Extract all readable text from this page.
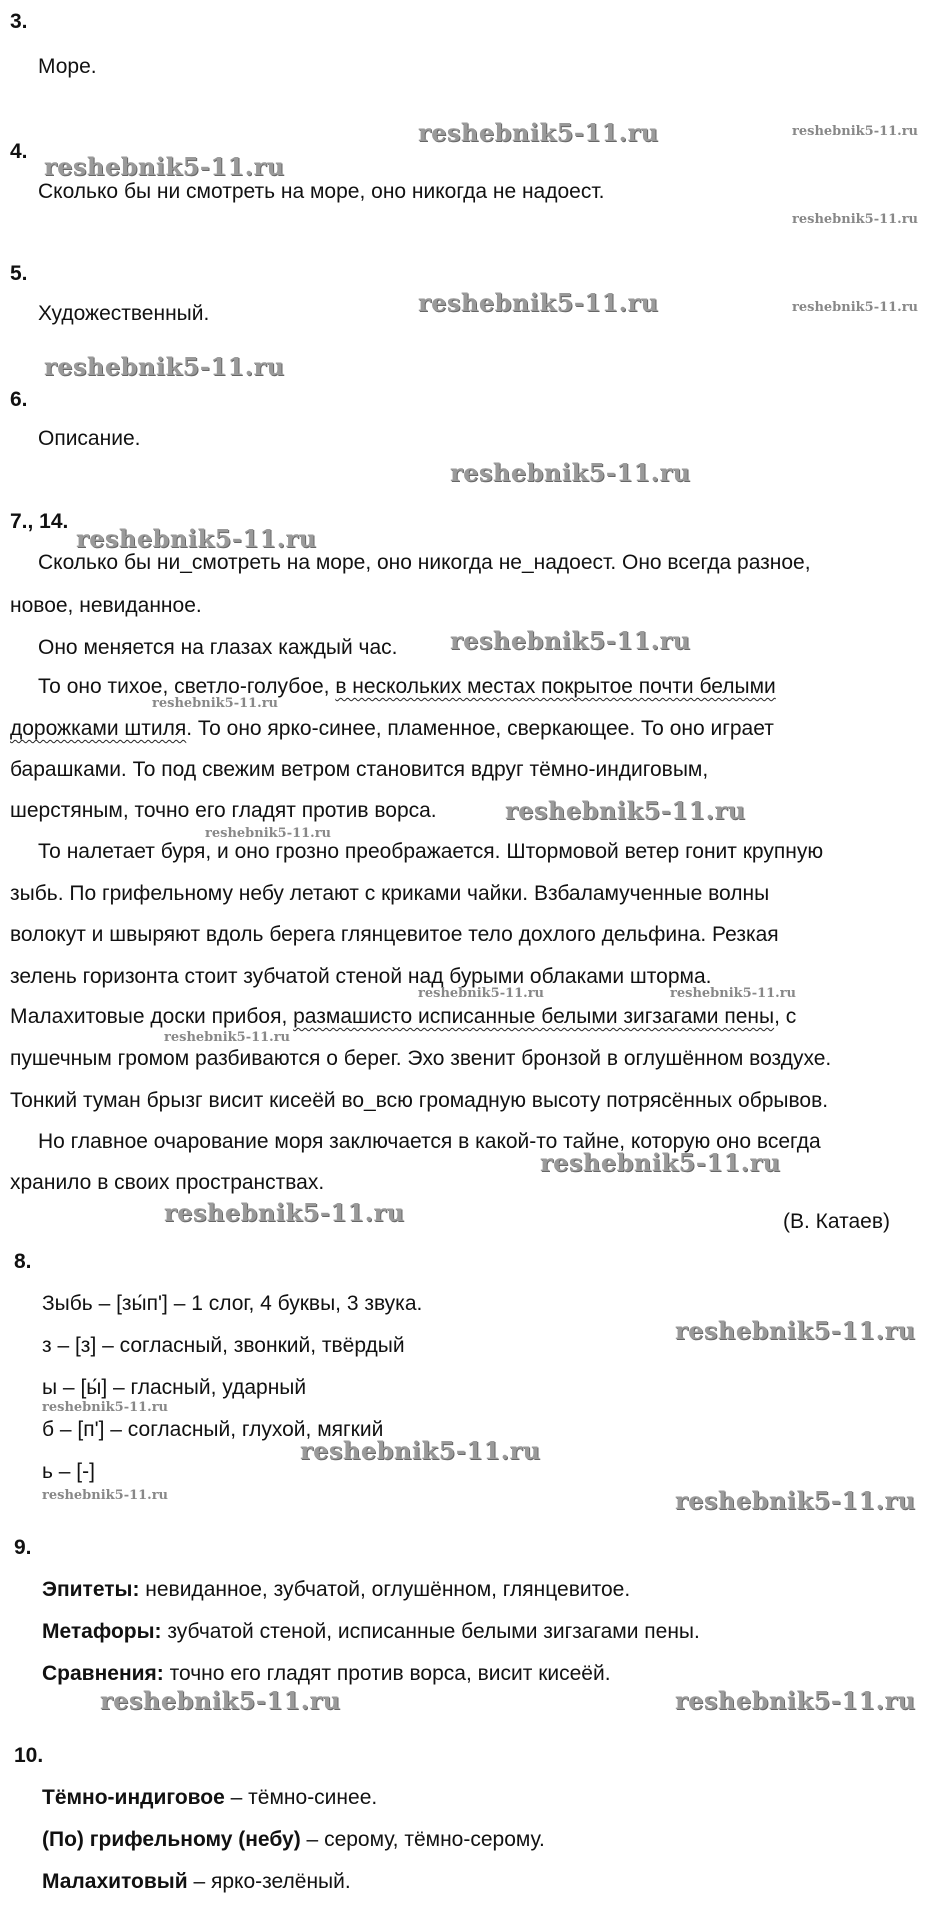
3.
Море.
4.
Сколько бы ни смотреть на море, оно никогда не надоест.
5.
Художественный.
6.
Описание.
7., 14.
Сколько бы ни_смотреть на море, оно никогда не_надоест. Оно всегда разное,
новое, невиданное.
Оно меняется на глазах каждый час.
То оно тихое, светло-голубое, в нескольких местах покрытое почти белыми
дорожками штиля. То оно ярко-синее, пламенное, сверкающее. То оно играет
барашками. То под свежим ветром становится вдруг тёмно-индиговым,
шерстяным, точно его гладят против ворса.
То налетает буря, и оно грозно преображается. Штормовой ветер гонит крупную
зыбь. По грифельному небу летают с криками чайки. Взбаламученные волны
волокут и швыряют вдоль берега глянцевитое тело дохлого дельфина. Резкая
зелень горизонта стоит зубчатой стеной над бурыми облаками шторма.
Малахитовые доски прибоя, размашисто исписанные белыми зигзагами пены, с
пушечным громом разбиваются о берег. Эхо звенит бронзой в оглушённом воздухе.
Тонкий туман брызг висит кисеёй во_всю громадную высоту потрясённых обрывов.
Но главное очарование моря заключается в какой-то тайне, которую оно всегда
хранило в своих пространствах.
(В. Катаев)
8.
Зыбь – [зы́п'] – 1 слог, 4 буквы, 3 звука.
з – [з] – согласный, звонкий, твёрдый
ы – [ы́] – гласный, ударный
б – [п'] – согласный, глухой, мягкий
ь – [-]
9.
Эпитеты: невиданное, зубчатой, оглушённом, глянцевитое.
Метафоры: зубчатой стеной, исписанные белыми зигзагами пены.
Сравнения: точно его гладят против ворса, висит кисеёй.
10.
Тёмно-индиговое – тёмно-синее.
(По) грифельному (небу) – серому, тёмно-серому.
Малахитовый – ярко-зелёный.
reshebnik5-11.ru	reshebnik5-11.ru
reshebnik5-11.ru
reshebnik5-11.ru
reshebnik5-11.ru	reshebnik5-11.ru
reshebnik5-11.ru
reshebnik5-11.ru
reshebnik5-11.ru
reshebnik5-11.ru
reshebnik5-11.ru
reshebnik5-11.ru
reshebnik5-11.ru
reshebnik5-11.ru	reshebnik5-11.ru
reshebnik5-11.ru
reshebnik5-11.ru
reshebnik5-11.ru
reshebnik5-11.ru
reshebnik5-11.ru
reshebnik5-11.ru
reshebnik5-11.ru	reshebnik5-11.ru
reshebnik5-11.ru	reshebnik5-11.ru
